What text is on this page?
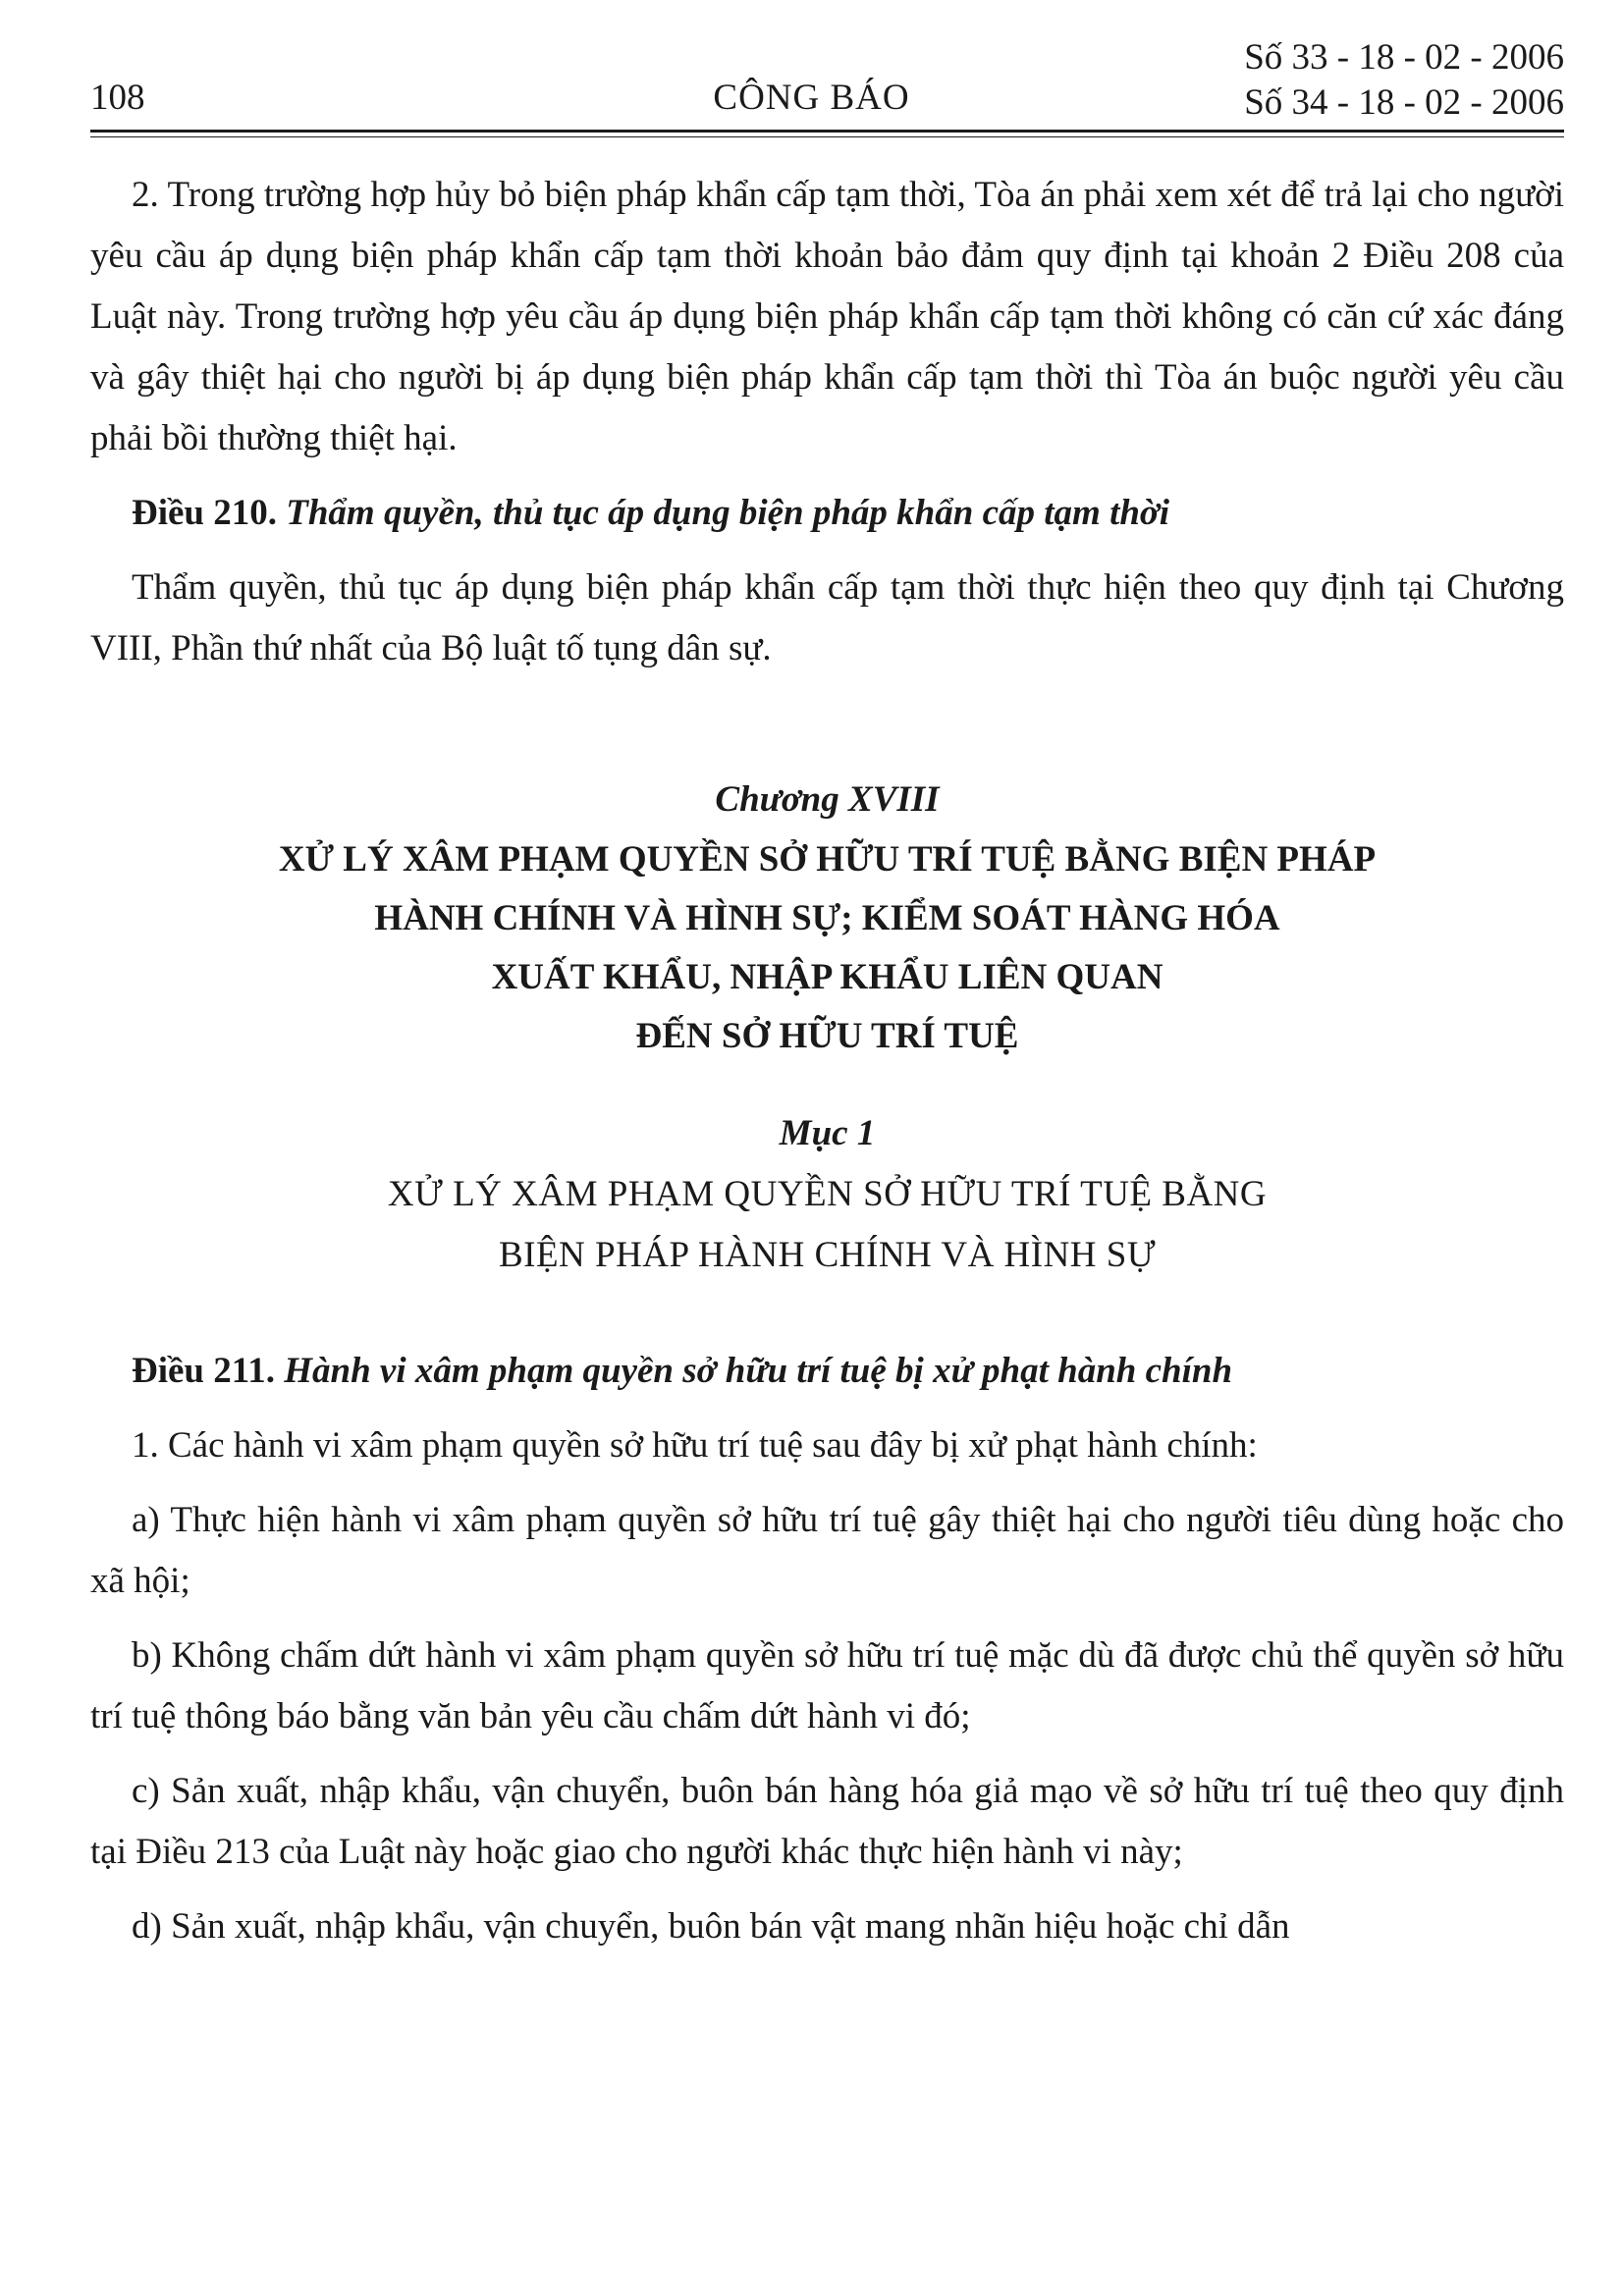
108	CÔNG BÁO
Số 33 - 18 - 02 - 2006
Số 34 - 18 - 02 - 2006

2. Trong trường hợp hủy bỏ biện pháp khẩn cấp tạm thời, Tòa án phải xem xét để trả lại cho người yêu cầu áp dụng biện pháp khẩn cấp tạm thời khoản bảo đảm quy định tại khoản 2 Điều 208 của Luật này. Trong trường hợp yêu cầu áp dụng biện pháp khẩn cấp tạm thời không có căn cứ xác đáng và gây thiệt hại cho người bị áp dụng biện pháp khẩn cấp tạm thời thì Tòa án buộc người yêu cầu phải bồi thường thiệt hại.

Điều 210. Thẩm quyền, thủ tục áp dụng biện pháp khẩn cấp tạm thời

Thẩm quyền, thủ tục áp dụng biện pháp khẩn cấp tạm thời thực hiện theo quy định tại Chương VIII, Phần thứ nhất của Bộ luật tố tụng dân sự.

Chương XVIII
XỬ LÝ XÂM PHẠM QUYỀN SỞ HỮU TRÍ TUỆ BẰNG BIỆN PHÁP
HÀNH CHÍNH VÀ HÌNH SỰ; KIỂM SOÁT HÀNG HÓA
XUẤT KHẨU, NHẬP KHẨU LIÊN QUAN
ĐẾN SỞ HỮU TRÍ TUỆ
Mục 1
XỬ LÝ XÂM PHẠM QUYỀN SỞ HỮU TRÍ TUỆ BẰNG
BIỆN PHÁP HÀNH CHÍNH VÀ HÌNH SỰ

Điều 211. Hành vi xâm phạm quyền sở hữu trí tuệ bị xử phạt hành chính

1. Các hành vi xâm phạm quyền sở hữu trí tuệ sau đây bị xử phạt hành chính:

a) Thực hiện hành vi xâm phạm quyền sở hữu trí tuệ gây thiệt hại cho người tiêu dùng hoặc cho xã hội;

b) Không chấm dứt hành vi xâm phạm quyền sở hữu trí tuệ mặc dù đã được chủ thể quyền sở hữu trí tuệ thông báo bằng văn bản yêu cầu chấm dứt hành vi đó;

c) Sản xuất, nhập khẩu, vận chuyển, buôn bán hàng hóa giả mạo về sở hữu trí tuệ theo quy định tại Điều 213 của Luật này hoặc giao cho người khác thực hiện hành vi này;

d) Sản xuất, nhập khẩu, vận chuyển, buôn bán vật mang nhãn hiệu hoặc chỉ dẫn
